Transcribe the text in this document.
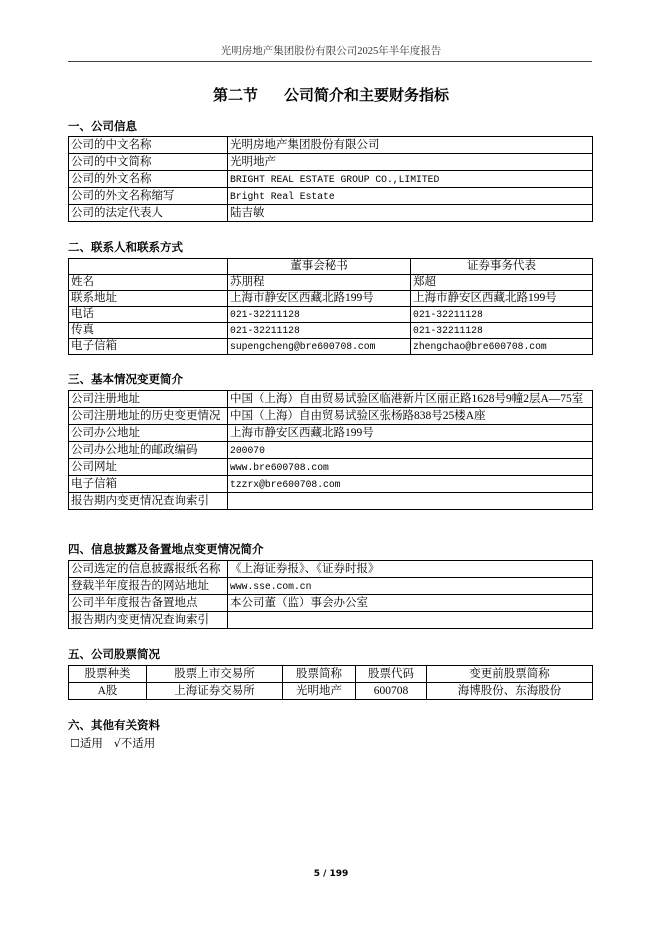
光明房地产集团股份有限公司2025年半年度报告
第二节 公司简介和主要财务指标
一、公司信息
公司的中文名称	光明房地产集团股份有限公司
公司的中文简称	光明地产
公司的外文名称	BRIGHT REAL ESTATE GROUP CO.,LIMITED
公司的外文名称缩写	Bright Real Estate
公司的法定代表人	陆吉敏
二、联系人和联系方式
	董事会秘书	证券事务代表
姓名	苏朋程	郑超
联系地址	上海市静安区西藏北路199号	上海市静安区西藏北路199号
电话	021-32211128	021-32211128
传真	021-32211128	021-32211128
电子信箱	supengcheng@bre600708.com	zhengchao@bre600708.com
三、基本情况变更简介
公司注册地址	中国（上海）自由贸易试验区临港新片区丽正路1628号9幢2层A—75室
公司注册地址的历史变更情况	中国（上海）自由贸易试验区张杨路838号25楼A座
公司办公地址	上海市静安区西藏北路199号
公司办公地址的邮政编码	200070
公司网址	www.bre600708.com
电子信箱	tzzrx@bre600708.com
报告期内变更情况查询索引	
四、信息披露及备置地点变更情况简介
公司选定的信息披露报纸名称	《上海证券报》、《证券时报》
登载半年度报告的网站地址	www.sse.com.cn
公司半年度报告备置地点	本公司董（监）事会办公室
报告期内变更情况查询索引	
五、公司股票简况
股票种类	股票上市交易所	股票简称	股票代码	变更前股票简称
A股	上海证券交易所	光明地产	600708	海博股份、东海股份
六、其他有关资料
☐适用 √不适用
5 / 199
